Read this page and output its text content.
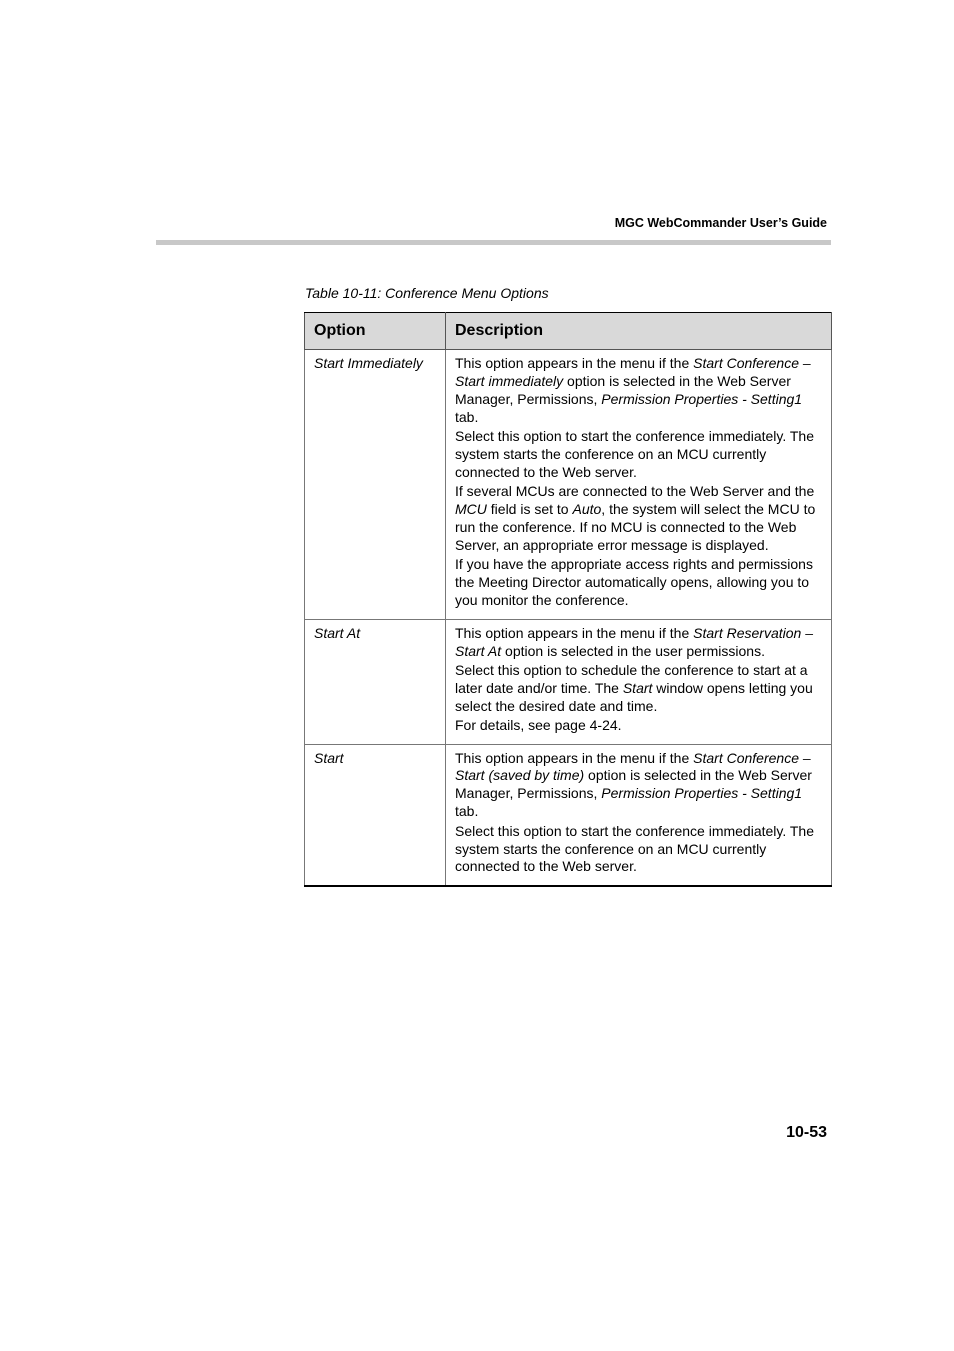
MGC WebCommander User’s Guide
Table 10-11: Conference Menu Options
Option	Description
Start Immediately	This option appears in the menu if the Start Conference – Start immediately option is selected in the Web Server Manager, Permissions, Permission Properties - Setting1 tab.
Select this option to start the conference immediately. The system starts the conference on an MCU currently connected to the Web server.
If several MCUs are connected to the Web Server and the MCU field is set to Auto, the system will select the MCU to run the conference. If no MCU is connected to the Web Server, an appropriate error message is displayed.
If you have the appropriate access rights and permissions the Meeting Director automatically opens, allowing you to you monitor the conference.

Start At	This option appears in the menu if the Start Reservation – Start At option is selected in the user permissions.
Select this option to schedule the conference to start at a later date and/or time. The Start window opens letting you select the desired date and time.
For details, see page 4-24.

Start	This option appears in the menu if the Start Conference – Start (saved by time) option is selected in the Web Server Manager, Permissions, Permission Properties - Setting1 tab.
Select this option to start the conference immediately. The system starts the conference on an MCU currently connected to the Web server.
10-53
